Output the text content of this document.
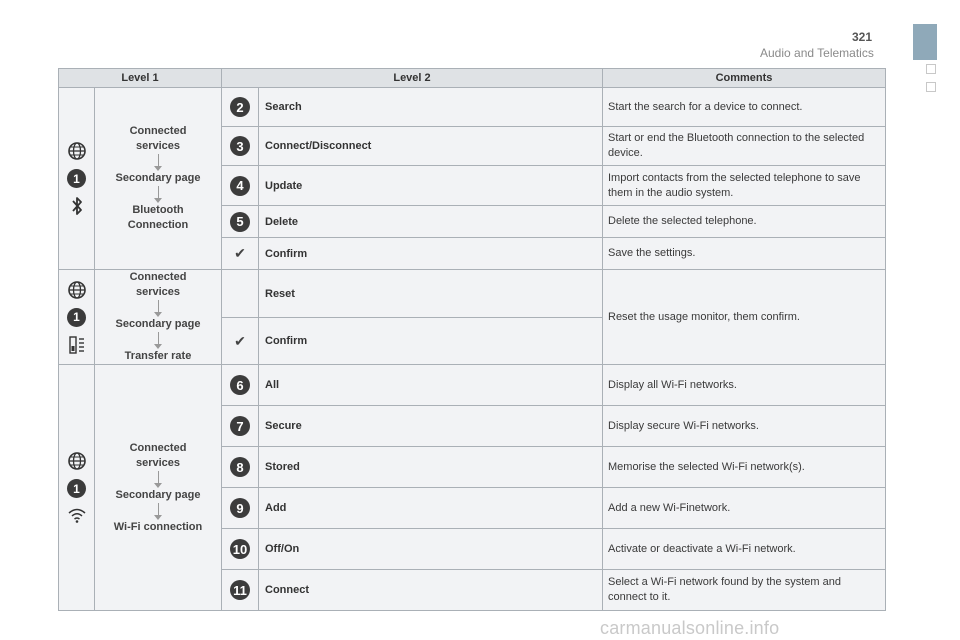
321
Audio and Telematics
Level 1		Level 2		Comments

1	Connected services
Secondary page
Bluetooth Connection	2	Search	Start the search for a device to connect.
		3	Connect/Disconnect	Start or end the Bluetooth connection to the selected device.
		4	Update	Import contacts from the selected telephone to save them in the audio system.
		5	Delete	Delete the selected telephone.
		✔	Confirm	Save the settings.

1	Connected services
Secondary page
Transfer rate		Reset	Reset the usage monitor, them confirm.
		✔	Confirm	

1	Connected services
Secondary page
Wi-Fi connection	6	All	Display all Wi-Fi networks.
		7	Secure	Display secure Wi-Fi networks.
		8	Stored	Memorise the selected Wi-Fi network(s).
		9	Add	Add a new Wi-Finetwork.
		10	Off/On	Activate or deactivate a Wi-Fi network.
		11	Connect	Select a Wi-Fi network found by the system and connect to it.
carmanualsonline.info
